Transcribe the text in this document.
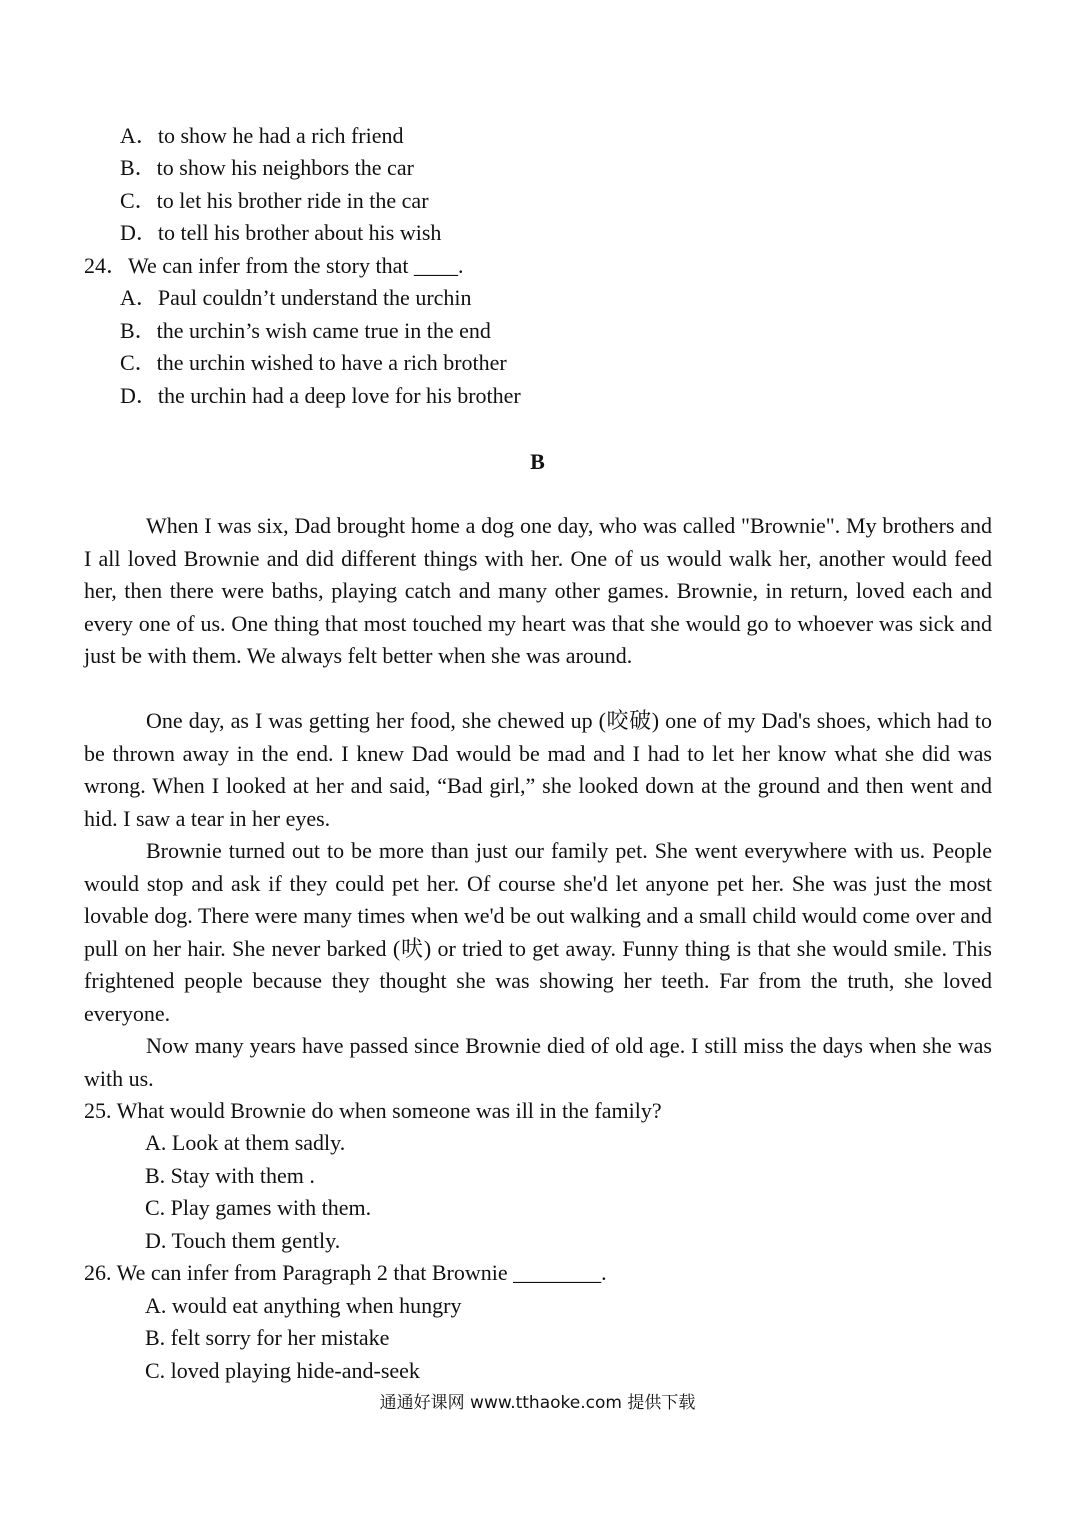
A．to show he had a rich friend
B．to show his neighbors the car
C．to let his brother ride in the car
D．to tell his brother about his wish
24．We can infer from the story that ____.
A．Paul couldn’t understand the urchin
B．the urchin’s wish came true in the end
C．the urchin wished to have a rich brother
D．the urchin had a deep love for his brother
B

When I was six, Dad brought home a dog one day, who was called "Brownie". My brothers and I all loved Brownie and did different things with her. One of us would walk her, another would feed her, then there were baths, playing catch and many other games. Brownie, in return, loved each and every one of us. One thing that most touched my heart was that she would go to whoever was sick and just be with them. We always felt better when she was around.

One day, as I was getting her food, she chewed up (咬破) one of my Dad's shoes, which had to be thrown away in the end. I knew Dad would be mad and I had to let her know what she did was wrong. When I looked at her and said, “Bad girl,” she looked down at the ground and then went and hid. I saw a tear in her eyes.

Brownie turned out to be more than just our family pet. She went everywhere with us. People would stop and ask if they could pet her. Of course she'd let anyone pet her. She was just the most lovable dog. There were many times when we'd be out walking and a small child would come over and pull on her hair. She never barked (吠) or tried to get away. Funny thing is that she would smile. This frightened people because they thought she was showing her teeth. Far from the truth, she loved everyone.

Now many years have passed since Brownie died of old age. I still miss the days when she was with us.

25. What would Brownie do when someone was ill in the family?
A. Look at them sadly.
B. Stay with them .
C. Play games with them.
D. Touch them gently.
26. We can infer from Paragraph 2 that Brownie ________.
A. would eat anything when hungry
B. felt sorry for her mistake
C. loved playing hide-and-seek
通通好课网 www.tthaoke.com 提供下载
